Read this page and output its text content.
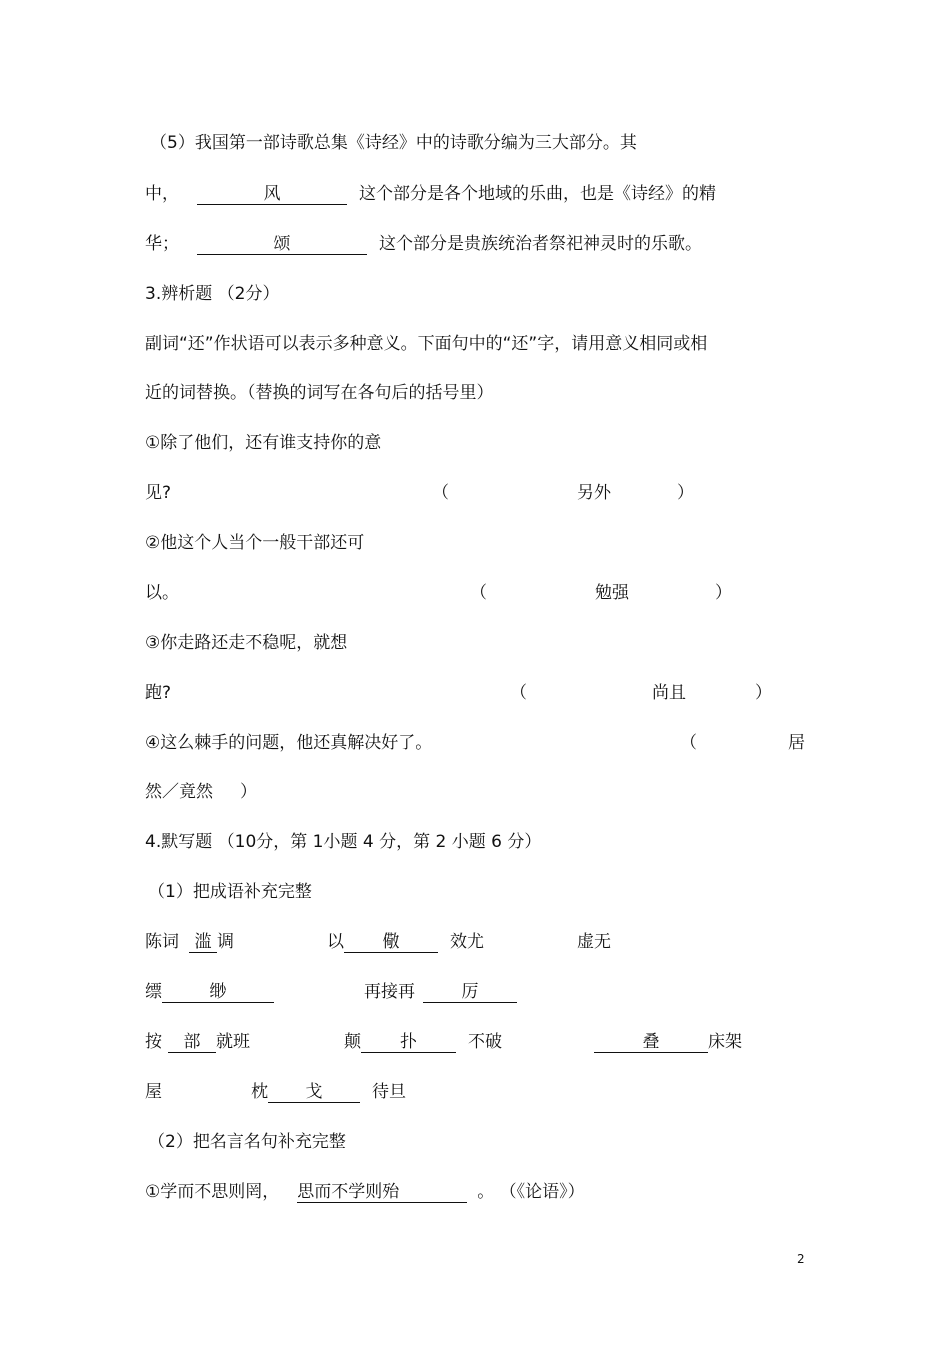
（5）我国第一部诗歌总集《诗经》中的诗歌分编为三大部分。其
中，	风	这个部分是各个地域的乐曲，也是《诗经》的精
华；	颂	这个部分是贵族统治者祭祀神灵时的乐歌。
3.辨析题 （2分）
副词“还”作状语可以表示多种意义。下面句中的“还”字，请用意义相同或相
近的词替换。（替换的词写在各句后的括号里）
①除了他们，还有谁支持你的意
见?	（	另外	）
②他这个人当个一般干部还可
以。	（	勉强	）
③你走路还走不稳呢，就想
跑?	（	尚且	）
④这么棘手的问题，他还真解决好了。	（	居
然／竟然 ）
4.默写题 （10分，第 1小题 4 分，第 2 小题 6 分）
（1）把成语补充完整
陈词 滥 调	以 儆	效尤	虚无
缥	缈	再接再	厉
按 部 就班	颠 扑	不破	叠	床架
屋	枕 戈	待旦
（2）把名言名句补充完整
①学而不思则罔， 思而不学则殆	。 （《论语》）
2
